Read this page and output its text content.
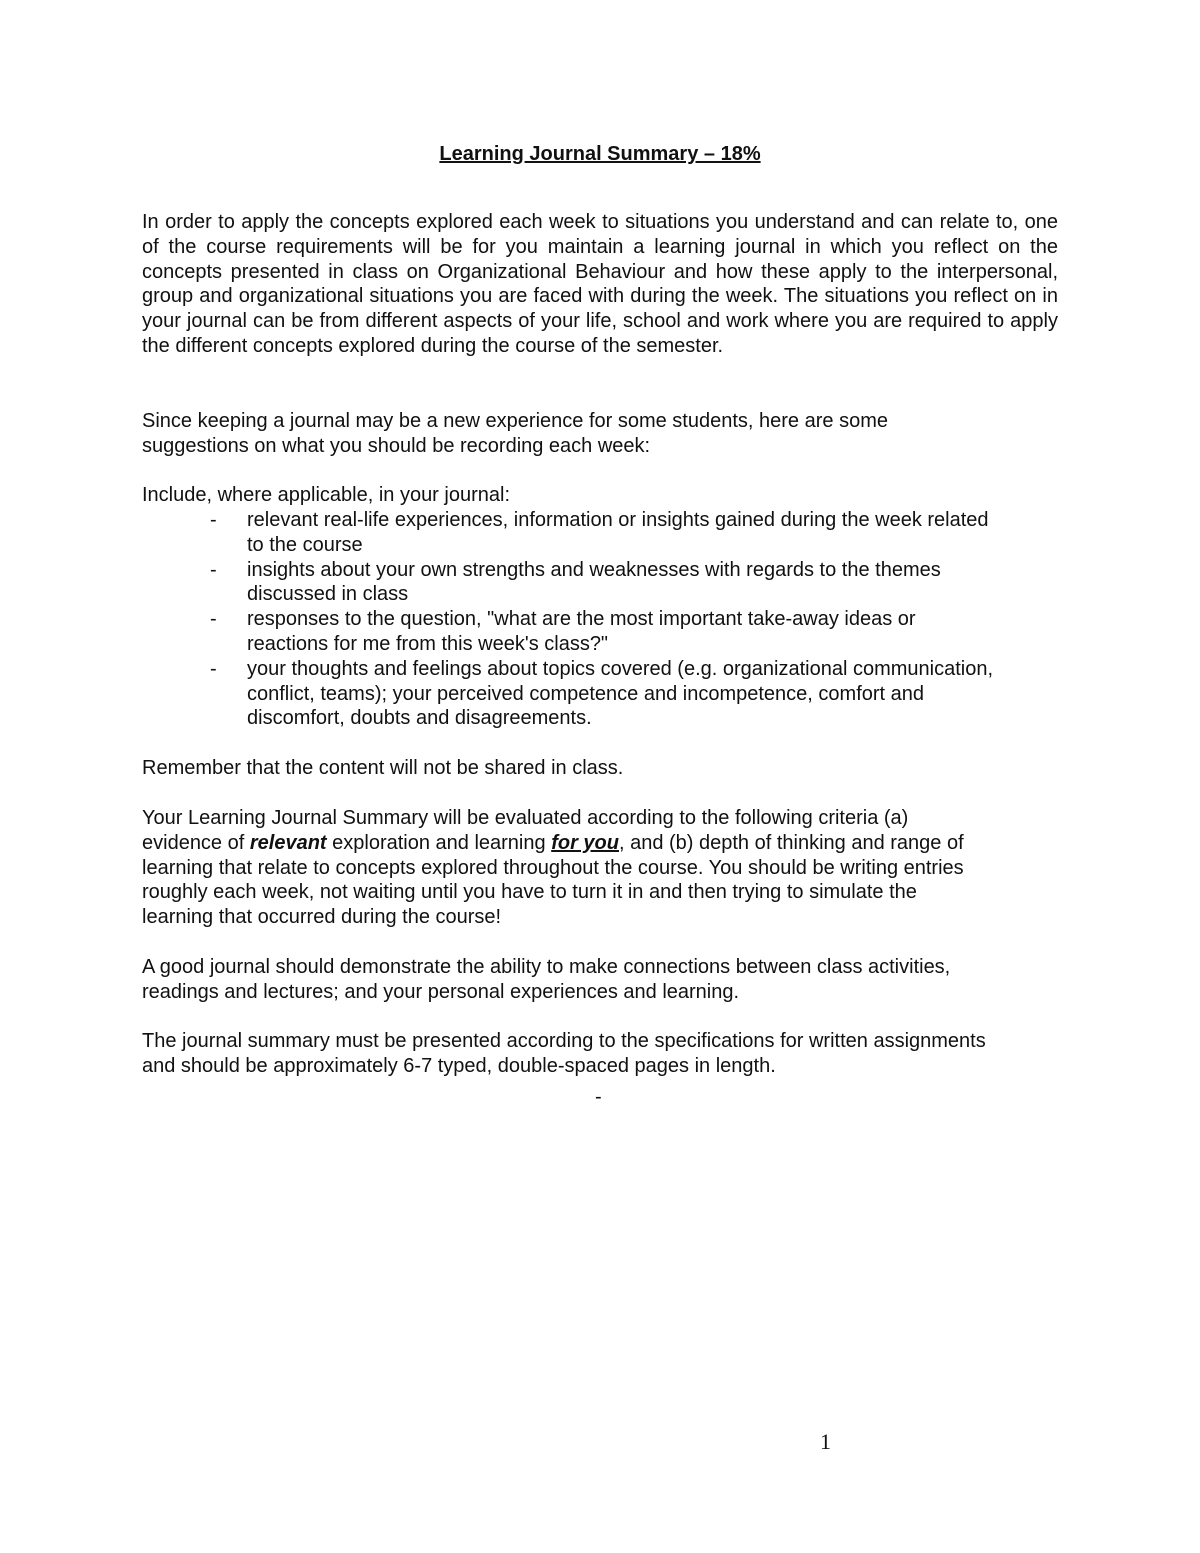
Learning Journal Summary – 18%

In order to apply the concepts explored each week to situations you understand and can relate to, one of the course requirements will be for you maintain a learning journal in which you reflect on the concepts presented in class on Organizational Behaviour and how these apply to the interpersonal, group and organizational situations you are faced with during the week. The situations you reflect on in your journal can be from different aspects of your life, school and work where you are required to apply the different concepts explored during the course of the semester.

Since keeping a journal may be a new experience for some students, here are some
suggestions on what you should be recording each week:

Include, where applicable, in your journal:

- relevant real-life experiences, information or insights gained during the week related
to the course
- insights about your own strengths and weaknesses with regards to the themes
discussed in class
- responses to the question, "what are the most important take-away ideas or
reactions for me from this week's class?"
- your thoughts and feelings about topics covered (e.g. organizational communication,
conflict, teams); your perceived competence and incompetence, comfort and
discomfort, doubts and disagreements.

Remember that the content will not be shared in class.

Your Learning Journal Summary will be evaluated according to the following criteria (a)
evidence of relevant exploration and learning for you, and (b) depth of thinking and range of
learning that relate to concepts explored throughout the course. You should be writing entries
roughly each week, not waiting until you have to turn it in and then trying to simulate the
learning that occurred during the course!

A good journal should demonstrate the ability to make connections between class activities,
readings and lectures; and your personal experiences and learning.

The journal summary must be presented according to the specifications for written assignments
and should be approximately 6-7 typed, double-spaced pages in length.

-
1
